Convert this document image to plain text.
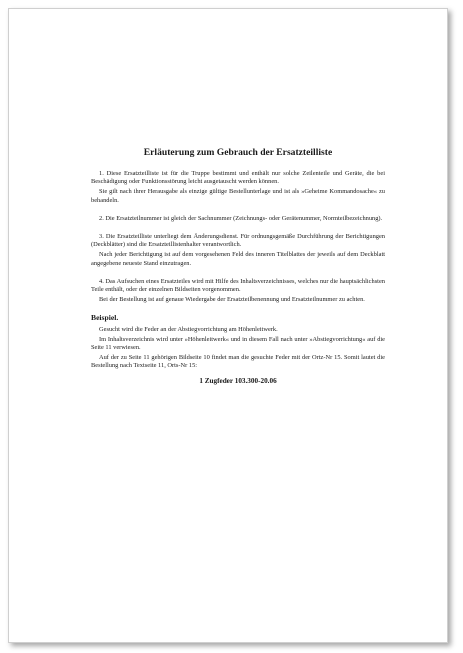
Erläuterung zum Gebrauch der Ersatzteilliste

1. Diese Ersatzteilliste ist für die Truppe bestimmt und enthält nur solche Zeilenteile und Geräte, die bei Beschädigung oder Funktionsstörung leicht ausgetauscht werden können.

Sie gilt nach ihrer Herausgabe als einzige gültige Bestellunterlage und ist als »Geheime Kommandosache« zu behandeln.

2. Die Ersatzteilnummer ist gleich der Sachnummer (Zeichnungs- oder Gerätenummer, Normteilbezeichnung).

3. Die Ersatzteilliste unterliegt dem Änderungsdienst. Für ordnungsgemäße Durchführung der Berichtigungen (Deckblätter) sind die Ersatzteillistenhalter verantwortlich.

Nach jeder Berichtigung ist auf dem vorgesehenen Feld des inneren Titelblattes der jeweils auf dem Deckblatt angegebene neueste Stand einzutragen.

4. Das Aufsuchen eines Ersatzteiles wird mit Hilfe des Inhaltsverzeichnisses, welches nur die hauptsächlichsten Teile enthält, oder der einzelnen Bildseiten vorgenommen.

Bei der Bestellung ist auf genaue Wiedergabe der Ersatzteilbenennung und Ersatzteilnummer zu achten.

Beispiel.

Gesucht wird die Feder an der Abstiegvorrichtung am Höhenleitwerk.

Im Inhaltsverzeichnis wird unter »Höhenleitwerk« und in diesem Fall nach unter »Abstiegvorrichtung« auf die Seite 11 verwiesen.

Auf der zu Seite 11 gehörigen Bildseite 10 findet man die gesuchte Feder mit der Ortz-Nr 15. Somit lautet die Bestellung nach Textseite 11, Orts-Nr 15:

1 Zugfeder 103.300-20.06
